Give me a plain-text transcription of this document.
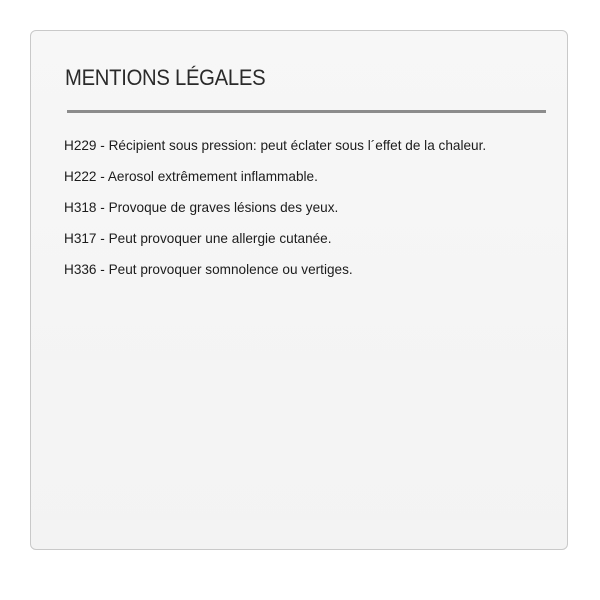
MENTIONS LÉGALES
H229 - Récipient sous pression: peut éclater sous l´effet de la chaleur.
H222 - Aerosol extrêmement inflammable.
H318 - Provoque de graves lésions des yeux.
H317 - Peut provoquer une allergie cutanée.
H336 - Peut provoquer somnolence ou vertiges.
